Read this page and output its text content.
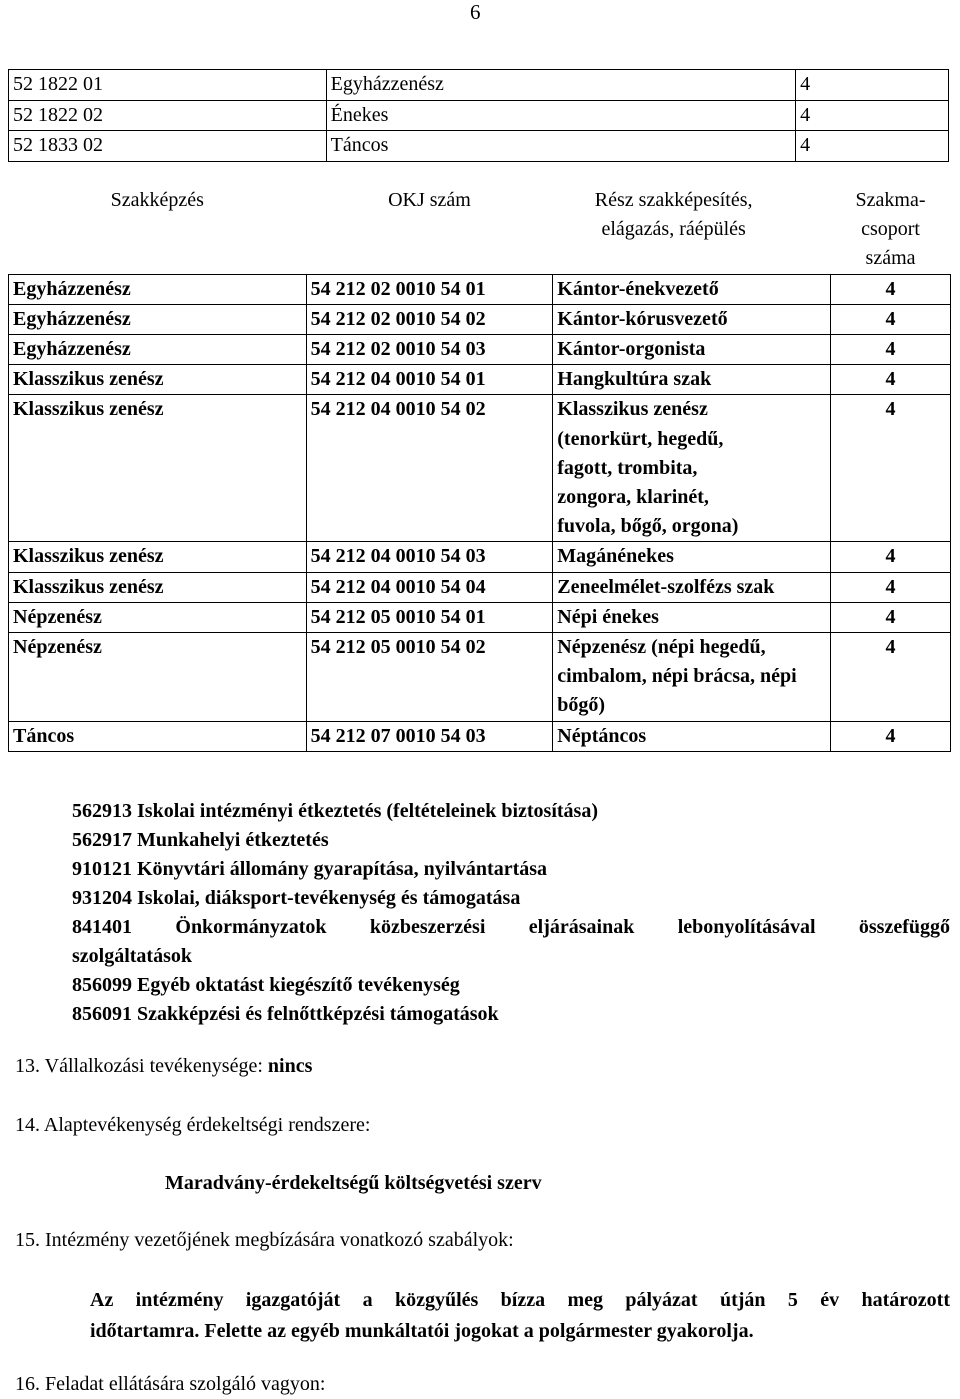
6
52 1822 01	Egyházzenész	4
52 1822 02	Énekes	4
52 1833 02	Táncos	4
Szakképzés	OKJ szám	Rész szakképesítés, elágazás, ráépülés	Szakma-csoport száma
Egyházzenész	54 212 02 0010 54 01	Kántor-énekvezető	4
Egyházzenész	54 212 02 0010 54 02	Kántor-kórusvezető	4
Egyházzenész	54 212 02 0010 54 03	Kántor-orgonista	4
Klasszikus zenész	54 212 04 0010 54 01	Hangkultúra szak	4
Klasszikus zenész	54 212 04 0010 54 02	Klasszikus zenész (tenorkürt, hegedű, fagott, trombita, zongora, klarinét, fuvola, bőgő, orgona)	4
Klasszikus zenész	54 212 04 0010 54 03	Magánénekes	4
Klasszikus zenész	54 212 04 0010 54 04	Zeneelmélet-szolfézs szak	4
Népzenész	54 212 05 0010 54 01	Népi énekes	4
Népzenész	54 212 05 0010 54 02	Népzenész (népi hegedű, cimbalom, népi brácsa, népi bőgő)	4
Táncos	54 212 07 0010 54 03	Néptáncos	4
562913 Iskolai intézményi étkeztetés (feltételeinek biztosítása)
562917 Munkahelyi étkeztetés
910121 Könyvtári állomány gyarapítása, nyilvántartása
931204 Iskolai, diáksport-tevékenység és támogatása
841401 Önkormányzatok közbeszerzési eljárásainak lebonyolításával összefüggő
szolgáltatások
856099 Egyéb oktatást kiegészítő tevékenység
856091 Szakképzési és felnőttképzési támogatások
13. Vállalkozási tevékenysége: nincs
14. Alaptevékenység érdekeltségi rendszere:
Maradvány-érdekeltségű költségvetési szerv
15. Intézmény vezetőjének megbízására vonatkozó szabályok:
Az intézmény igazgatóját a közgyűlés bízza meg pályázat útján 5 év határozott
időtartamra. Felette az egyéb munkáltatói jogokat a polgármester gyakorolja.
16. Feladat ellátására szolgáló vagyon:
